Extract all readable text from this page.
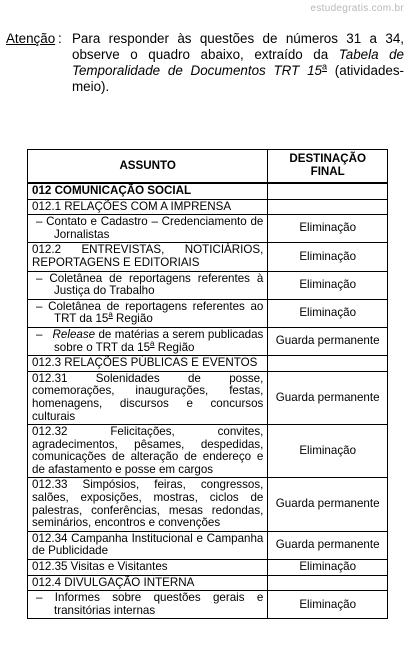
estudegratis.com.br
Atenção : Para responder às questões de números 31 a 34, observe o quadro abaixo, extraído da Tabela de Temporalidade de Documentos TRT 15$^a$ (atividades-meio).
ASSUNTO	DESTINAÇÃO FINAL
012 COMUNICAÇÃO SOCIAL	
012.1 RELAÇÕES COM A IMPRENSA	

– Contato e Cadastro – Credenciamento de Jornalistas	Eliminação
012.2 ENTREVISTAS, NOTICIÁRIOS, REPORTAGENS E EDITORIAIS	Eliminação

– Coletânea de reportagens referentes à Justiça do Trabalho	Eliminação

– Coletânea de reportagens referentes ao TRT da 15$^a$ Região	Eliminação

–   Release de matérias a serem publicadas sobre o TRT da 15$^a$ Região	Guarda permanente
012.3 RELAÇÕES PÚBLICAS E EVENTOS	
012.31 Solenidades de posse, comemorações, inaugurações, festas, homenagens, discursos e concursos culturais	Guarda permanente
012.32 Felicitações, convites, agradecimentos, pêsames, despedidas, comunicações de alteração de endereço e de afastamento e posse em cargos	Eliminação
012.33 Simpósios, feiras, congressos, salões, exposições, mostras, ciclos de palestras, conferências, mesas redondas, seminários, encontros e convenções	Guarda permanente
012.34 Campanha Institucional e Campanha de Publicidade	Guarda permanente
012.35 Visitas e Visitantes	Eliminação
012.4 DIVULGAÇÃO INTERNA	

– Informes sobre questões gerais e transitórias internas	Eliminação
